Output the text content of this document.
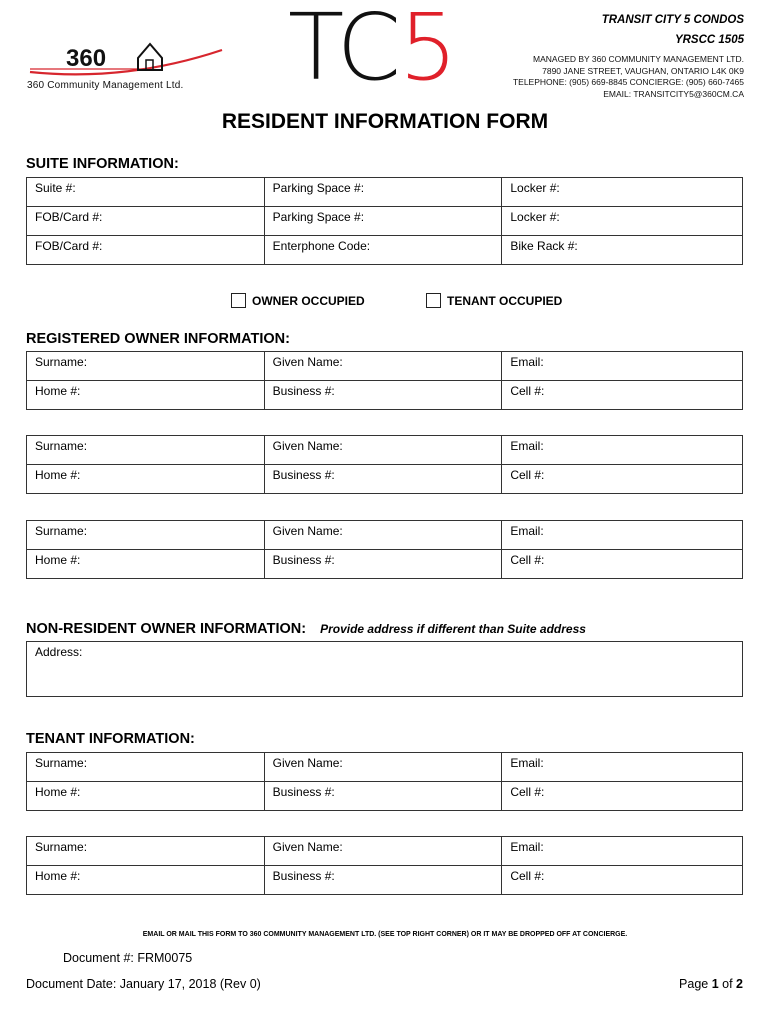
360
360 Community Management Ltd. TC5	TRANSIT CITY 5 CONDOS
YRSCC 1505
MANAGED BY 360 COMMUNITY MANAGEMENT LTD.
7890 JANE STREET, VAUGHAN, ONTARIO L4K 0K9
TELEPHONE: (905) 669-8845 CONCIERGE: (905) 660-7465
EMAIL: TRANSITCITY5@360CM.CA
RESIDENT INFORMATION FORM
SUITE INFORMATION:
Suite #:	Parking Space #:	Locker #:
FOB/Card #:	Parking Space #:	Locker #:
FOB/Card #:	Enterphone Code:	Bike Rack #:
OWNER OCCUPIED	TENANT OCCUPIED
REGISTERED OWNER INFORMATION:
Surname:	Given Name:	Email:
Home #:	Business #:	Cell #:
Surname:	Given Name:	Email:
Home #:	Business #:	Cell #:
Surname:	Given Name:	Email:
Home #:	Business #:	Cell #:
NON-RESIDENT OWNER INFORMATION: Provide address if different than Suite address
Address:
TENANT INFORMATION:
Surname:	Given Name:	Email:
Home #:	Business #:	Cell #:
Surname:	Given Name:	Email:
Home #:	Business #:	Cell #:
EMAIL OR MAIL THIS FORM TO 360 COMMUNITY MANAGEMENT LTD. (SEE TOP RIGHT CORNER) OR IT MAY BE DROPPED OFF AT CONCIERGE.
Document #: FRM0075
Document Date: January 17, 2018 (Rev 0)	Page 1 of 2
